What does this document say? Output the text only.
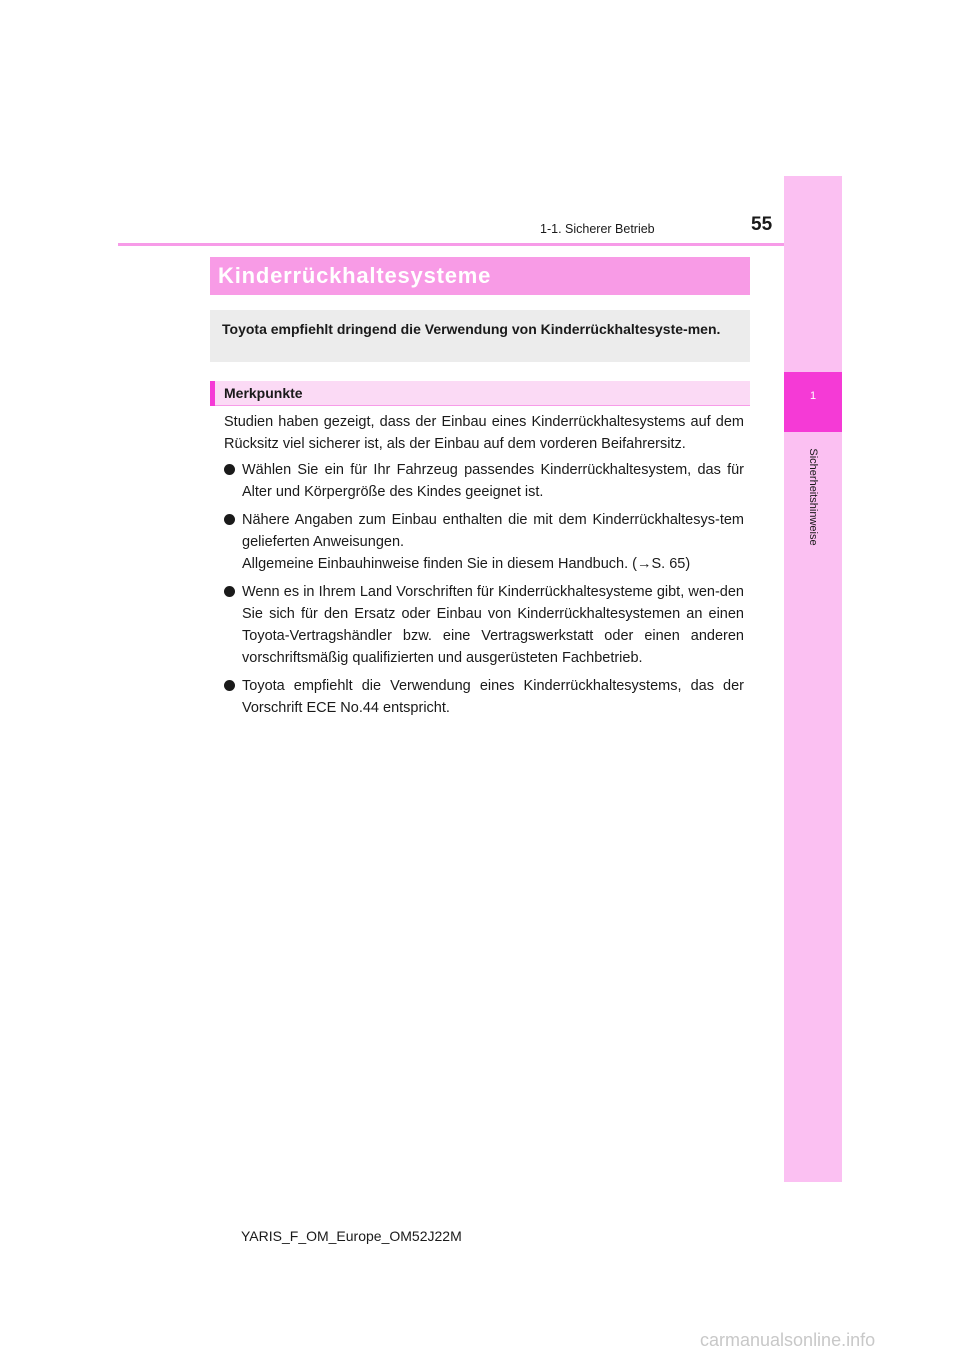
1
Sicherheitshinweise
1-1. Sicherer Betrieb	55
Kinderrückhaltesysteme
Toyota empfiehlt dringend die Verwendung von Kinderrückhaltesyste-men.
Merkpunkte
Studien haben gezeigt, dass der Einbau eines Kinderrückhaltesystems auf dem Rücksitz viel sicherer ist, als der Einbau auf dem vorderen Beifahrersitz.
Wählen Sie ein für Ihr Fahrzeug passendes Kinderrückhaltesystem, das für Alter und Körpergröße des Kindes geeignet ist.
Nähere Angaben zum Einbau enthalten die mit dem Kinderrückhaltesys-tem gelieferten Anweisungen.
Allgemeine Einbauhinweise finden Sie in diesem Handbuch. (→S. 65)
Wenn es in Ihrem Land Vorschriften für Kinderrückhaltesysteme gibt, wen-den Sie sich für den Ersatz oder Einbau von Kinderrückhaltesystemen an einen Toyota-Vertragshändler bzw. eine Vertragswerkstatt oder einen anderen vorschriftsmäßig qualifizierten und ausgerüsteten Fachbetrieb.
Toyota empfiehlt die Verwendung eines Kinderrückhaltesystems, das der Vorschrift ECE No.44 entspricht.
YARIS_F_OM_Europe_OM52J22M
carmanualsonline.info
